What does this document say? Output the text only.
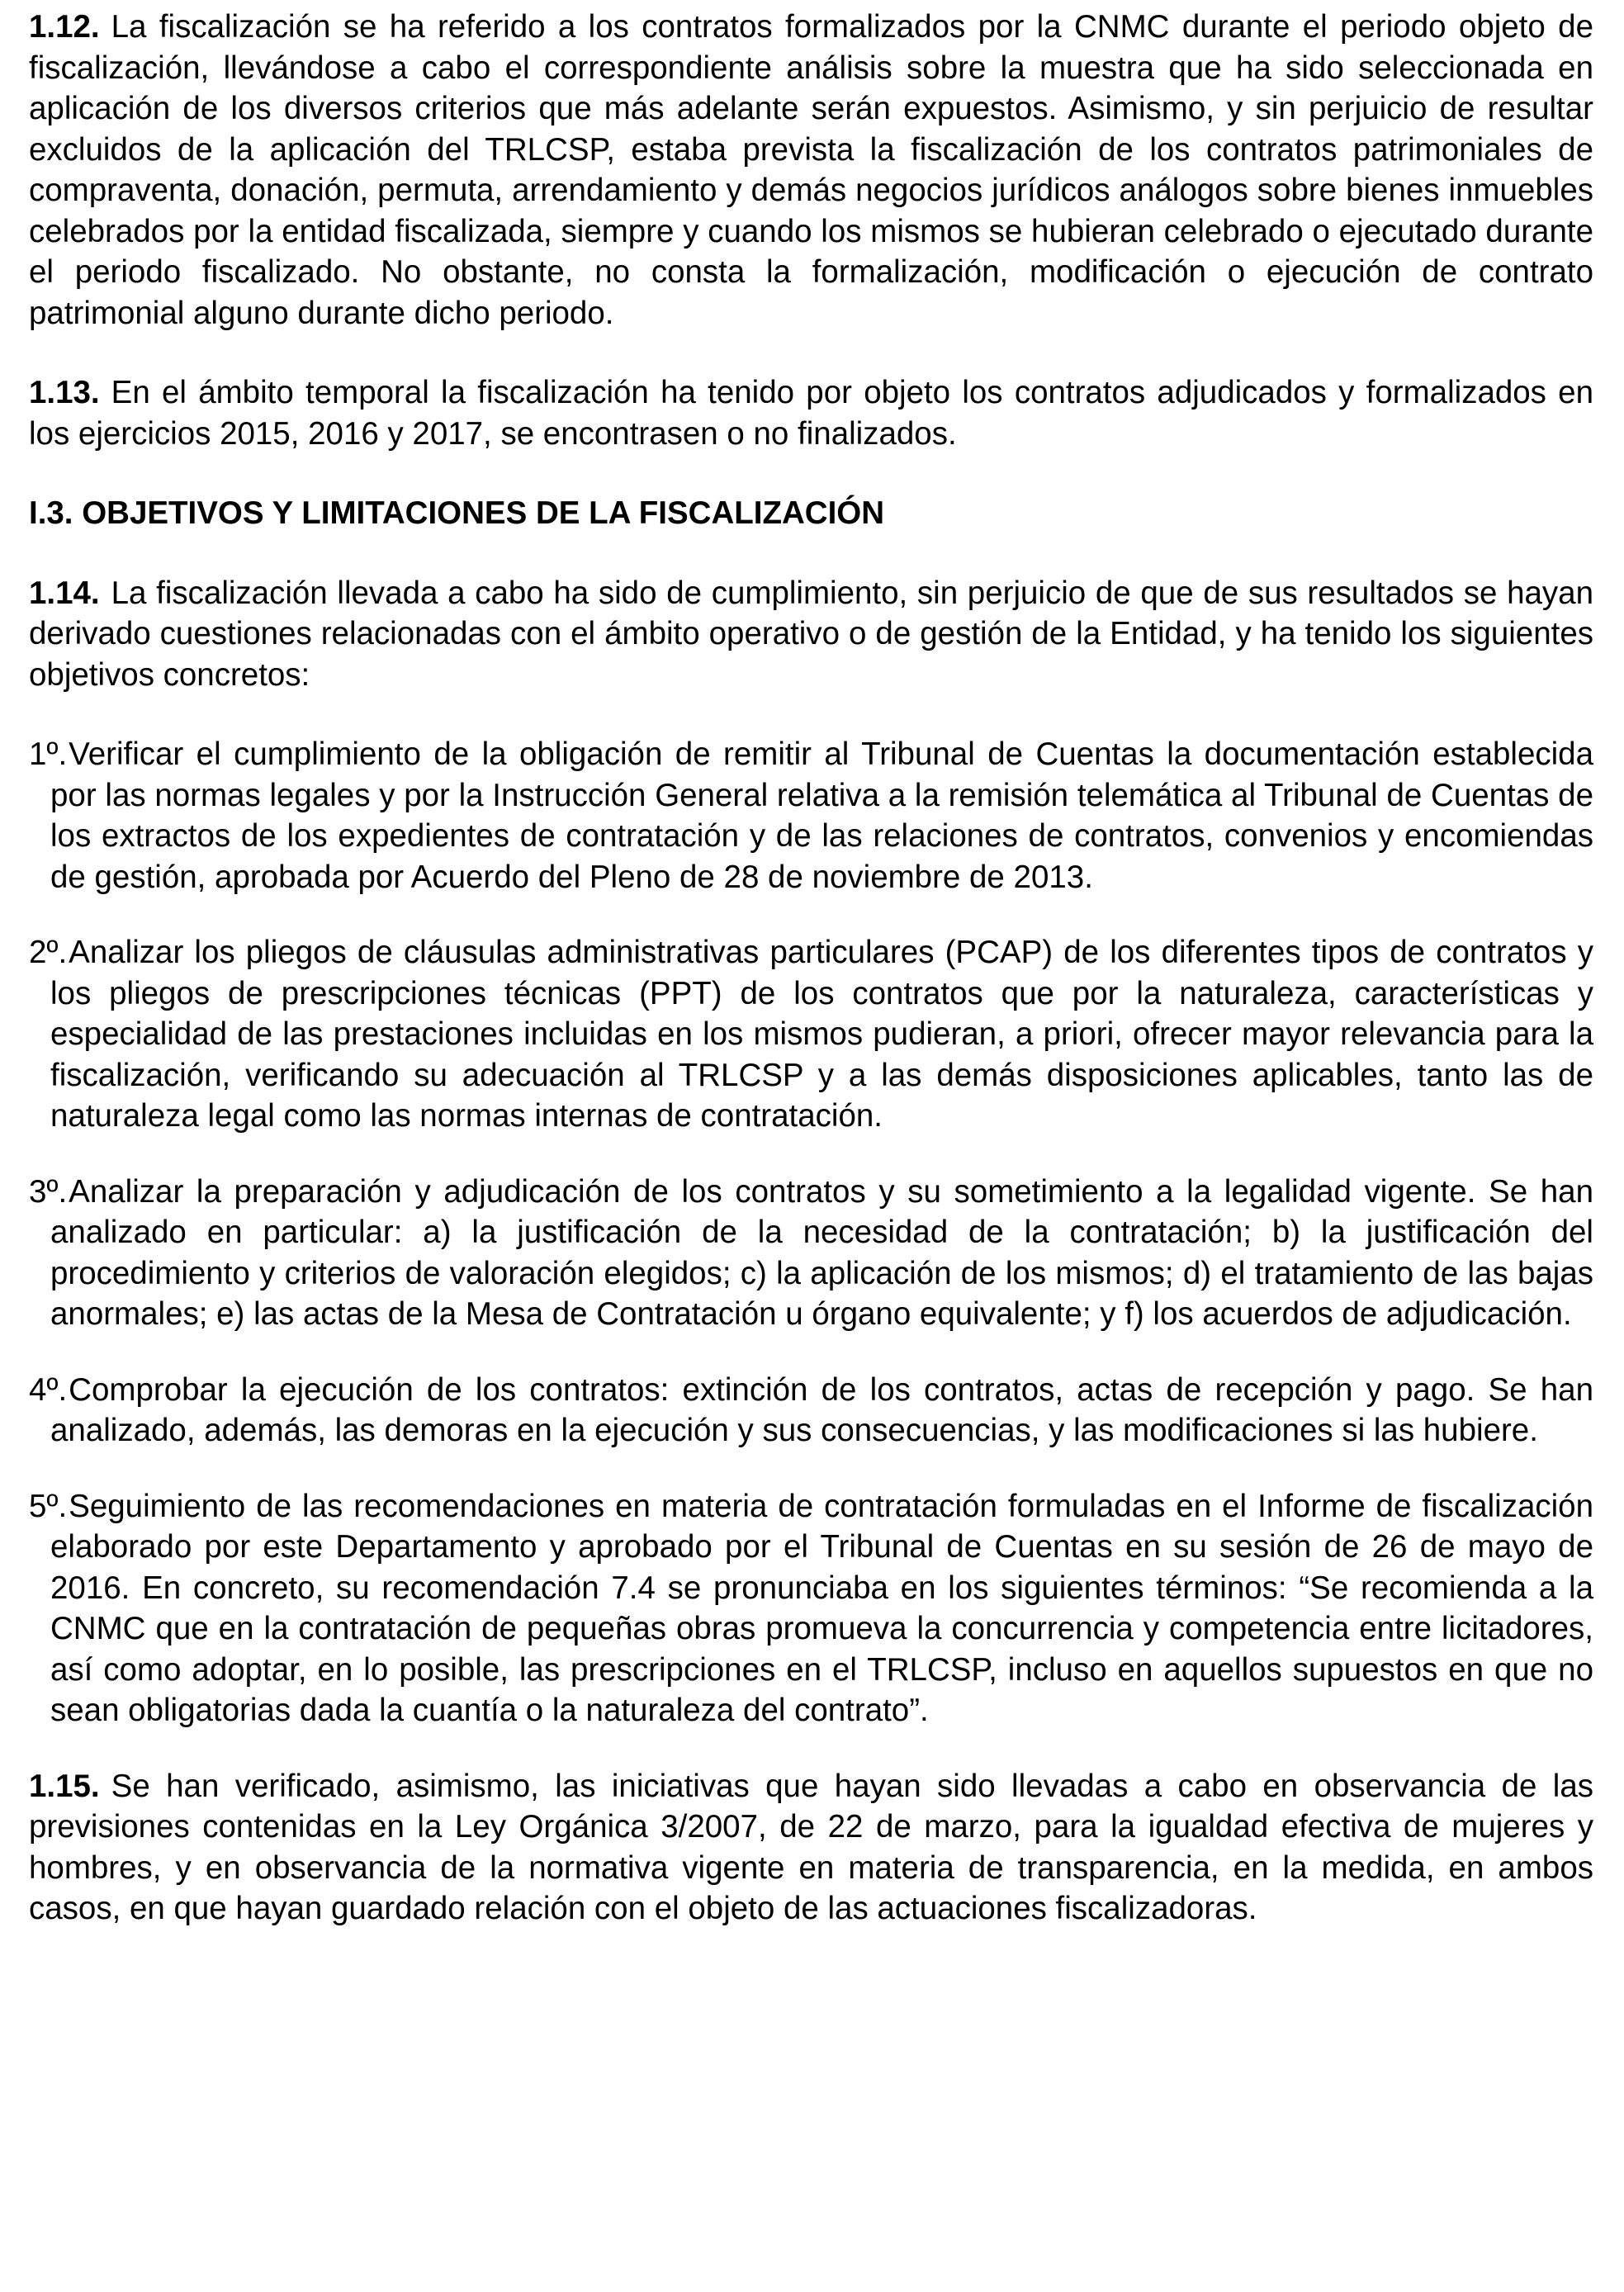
1.12. La fiscalización se ha referido a los contratos formalizados por la CNMC durante el periodo objeto de fiscalización, llevándose a cabo el correspondiente análisis sobre la muestra que ha sido seleccionada en aplicación de los diversos criterios que más adelante serán expuestos. Asimismo, y sin perjuicio de resultar excluidos de la aplicación del TRLCSP, estaba prevista la fiscalización de los contratos patrimoniales de compraventa, donación, permuta, arrendamiento y demás negocios jurídicos análogos sobre bienes inmuebles celebrados por la entidad fiscalizada, siempre y cuando los mismos se hubieran celebrado o ejecutado durante el periodo fiscalizado. No obstante, no consta la formalización, modificación o ejecución de contrato patrimonial alguno durante dicho periodo.

1.13. En el ámbito temporal la fiscalización ha tenido por objeto los contratos adjudicados y formalizados en los ejercicios 2015, 2016 y 2017, se encontrasen o no finalizados.

I.3. OBJETIVOS Y LIMITACIONES DE LA FISCALIZACIÓN

1.14. La fiscalización llevada a cabo ha sido de cumplimiento, sin perjuicio de que de sus resultados se hayan derivado cuestiones relacionadas con el ámbito operativo o de gestión de la Entidad, y ha tenido los siguientes objetivos concretos:

1º.Verificar el cumplimiento de la obligación de remitir al Tribunal de Cuentas la documentación establecida por las normas legales y por la Instrucción General relativa a la remisión telemática al Tribunal de Cuentas de los extractos de los expedientes de contratación y de las relaciones de contratos, convenios y encomiendas de gestión, aprobada por Acuerdo del Pleno de 28 de noviembre de 2013.

2º.Analizar los pliegos de cláusulas administrativas particulares (PCAP) de los diferentes tipos de contratos y los pliegos de prescripciones técnicas (PPT) de los contratos que por la naturaleza, características y especialidad de las prestaciones incluidas en los mismos pudieran, a priori, ofrecer mayor relevancia para la fiscalización, verificando su adecuación al TRLCSP y a las demás disposiciones aplicables, tanto las de naturaleza legal como las normas internas de contratación.

3º.Analizar la preparación y adjudicación de los contratos y su sometimiento a la legalidad vigente. Se han analizado en particular: a) la justificación de la necesidad de la contratación; b) la justificación del procedimiento y criterios de valoración elegidos; c) la aplicación de los mismos; d) el tratamiento de las bajas anormales; e) las actas de la Mesa de Contratación u órgano equivalente; y f) los acuerdos de adjudicación.

4º.Comprobar la ejecución de los contratos: extinción de los contratos, actas de recepción y pago. Se han analizado, además, las demoras en la ejecución y sus consecuencias, y las modificaciones si las hubiere.

5º.Seguimiento de las recomendaciones en materia de contratación formuladas en el Informe de fiscalización elaborado por este Departamento y aprobado por el Tribunal de Cuentas en su sesión de 26 de mayo de 2016. En concreto, su recomendación 7.4 se pronunciaba en los siguientes términos: “Se recomienda a la CNMC que en la contratación de pequeñas obras promueva la concurrencia y competencia entre licitadores, así como adoptar, en lo posible, las prescripciones en el TRLCSP, incluso en aquellos supuestos en que no sean obligatorias dada la cuantía o la naturaleza del contrato”.

1.15. Se han verificado, asimismo, las iniciativas que hayan sido llevadas a cabo en observancia de las previsiones contenidas en la Ley Orgánica 3/2007, de 22 de marzo, para la igualdad efectiva de mujeres y hombres, y en observancia de la normativa vigente en materia de transparencia, en la medida, en ambos casos, en que hayan guardado relación con el objeto de las actuaciones fiscalizadoras.
